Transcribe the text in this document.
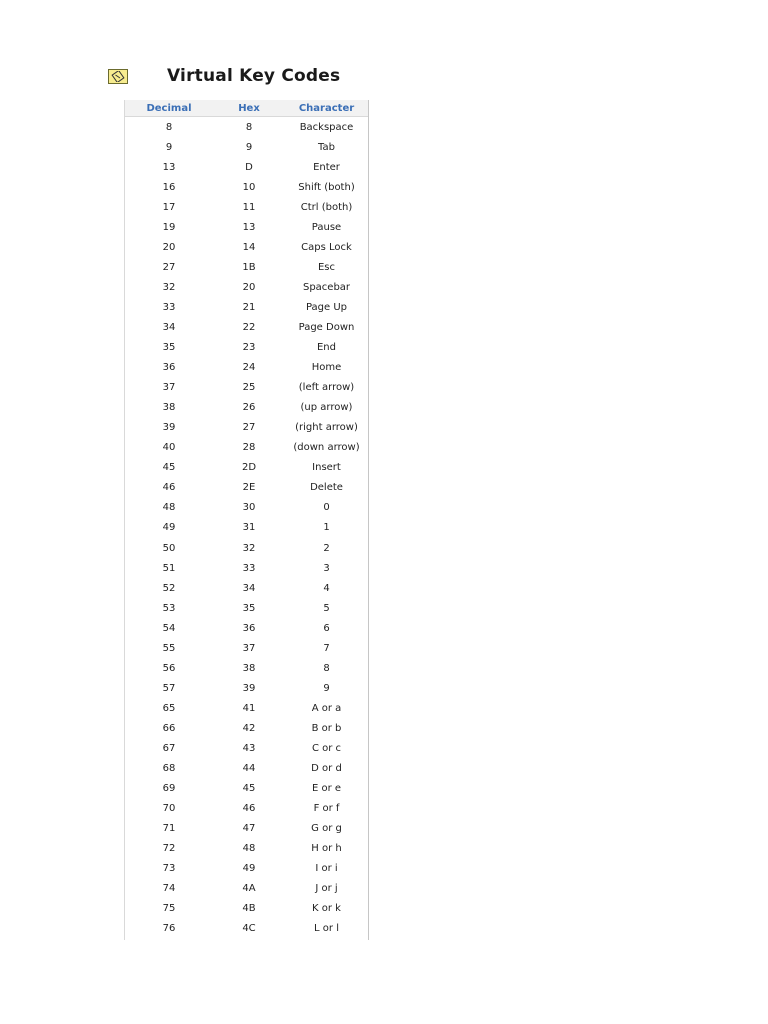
Virtual Key Codes
Decimal	Hex	Character
8	8	Backspace
9	9	Tab
13	D	Enter
16	10	Shift (both)
17	11	Ctrl (both)
19	13	Pause
20	14	Caps Lock
27	1B	Esc
32	20	Spacebar
33	21	Page Up
34	22	Page Down
35	23	End
36	24	Home
37	25	(left arrow)
38	26	(up arrow)
39	27	(right arrow)
40	28	(down arrow)
45	2D	Insert
46	2E	Delete
48	30	0
49	31	1
50	32	2
51	33	3
52	34	4
53	35	5
54	36	6
55	37	7
56	38	8
57	39	9
65	41	A or a
66	42	B or b
67	43	C or c
68	44	D or d
69	45	E or e
70	46	F or f
71	47	G or g
72	48	H or h
73	49	I or i
74	4A	J or j
75	4B	K or k
76	4C	L or l
